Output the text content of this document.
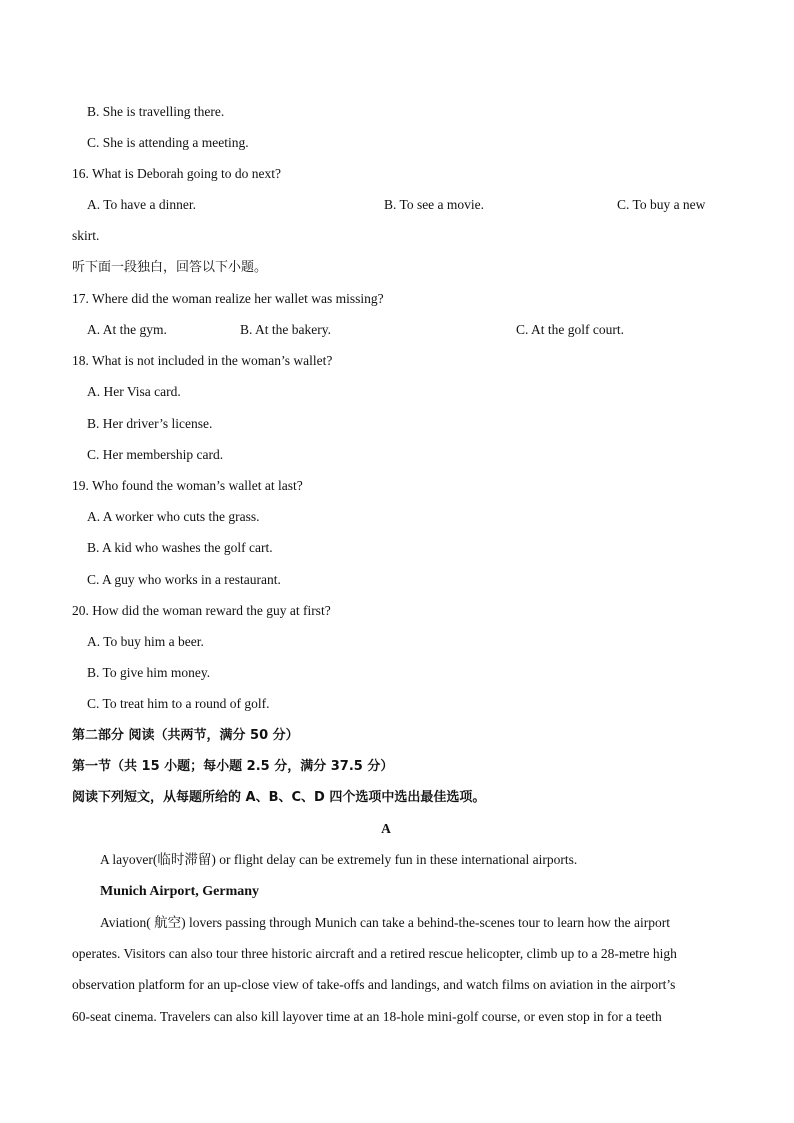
B. She is travelling there.
C. She is attending a meeting.
16. What is Deborah going to do next?
A. To have a dinner.	B. To see a movie.	C. To buy a new
skirt.
听下面一段独白，回答以下小题。
17. Where did the woman realize her wallet was missing?
A. At the gym.	B. At the bakery.	C. At the golf court.
18. What is not included in the woman’s wallet?
A. Her Visa card.
B. Her driver’s license.
C. Her membership card.
19. Who found the woman’s wallet at last?
A. A worker who cuts the grass.
B. A kid who washes the golf cart.
C. A guy who works in a restaurant.
20. How did the woman reward the guy at first?
A. To buy him a beer.
B. To give him money.
C. To treat him to a round of golf.
第二部分 阅读（共两节，满分 50 分）
第一节（共 15 小题；每小题 2.5 分，满分 37.5 分）
阅读下列短文，从每题所给的 A、B、C、D 四个选项中选出最佳选项。
A
A layover(临时滞留) or flight delay can be extremely fun in these international airports.
Munich Airport, Germany
Aviation( 航空) lovers passing through Munich can take a behind-the-scenes tour to learn how the airport
operates. Visitors can also tour three historic aircraft and a retired rescue helicopter, climb up to a 28-metre high
observation platform for an up-close view of take-offs and landings, and watch films on aviation in the airport’s
60-seat cinema. Travelers can also kill layover time at an 18-hole mini-golf course, or even stop in for a teeth
